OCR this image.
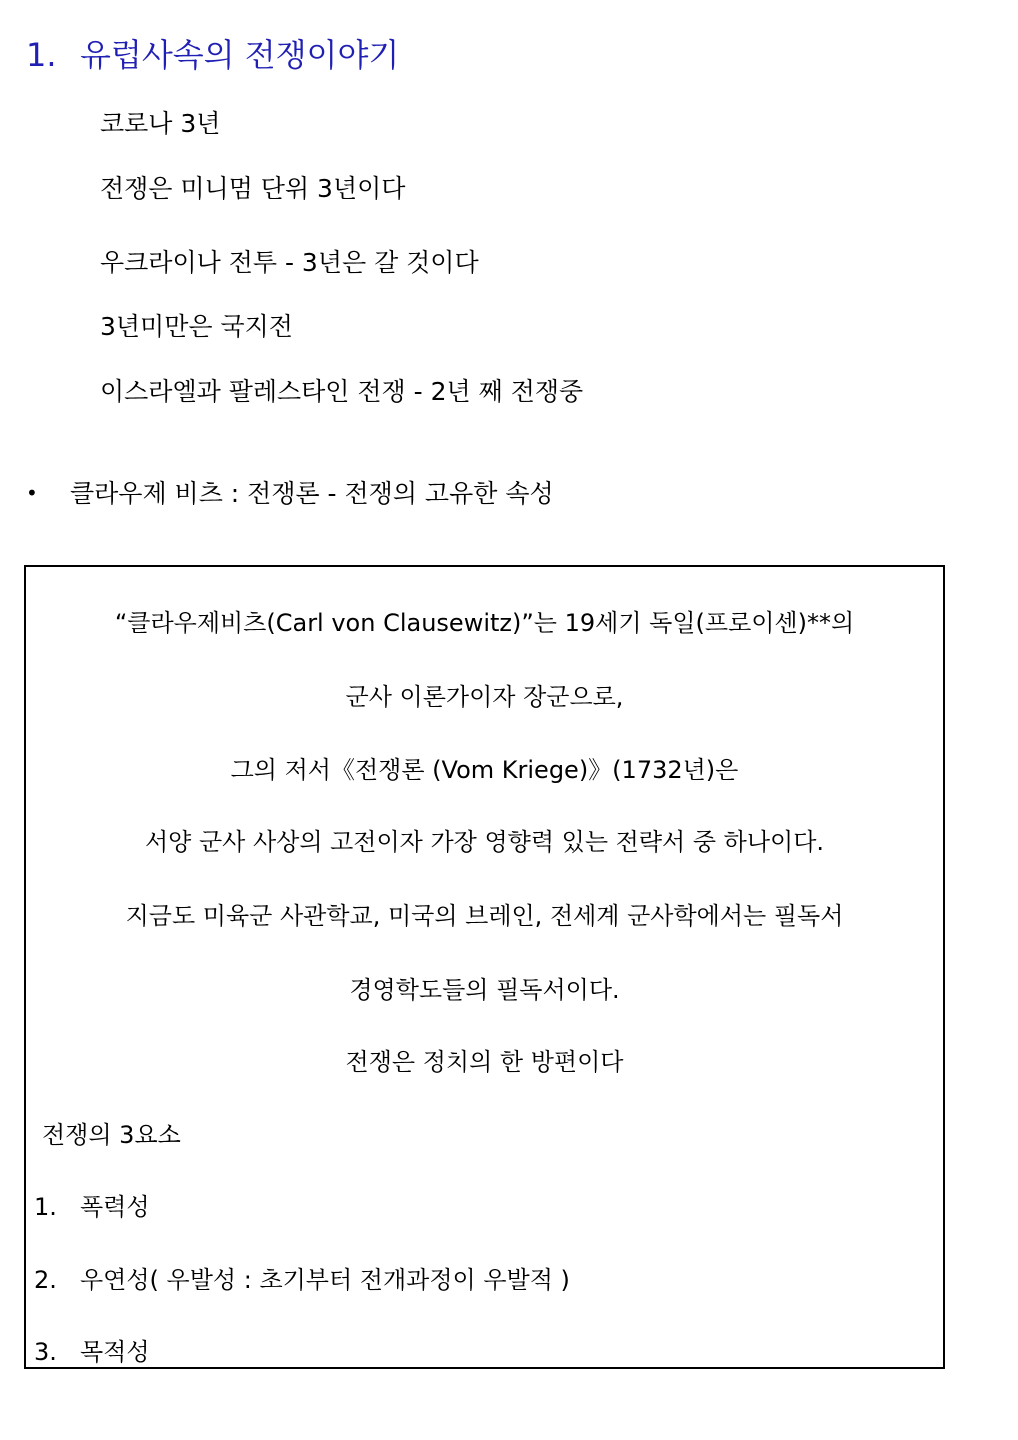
1. 유럽사속의 전쟁이야기
코로나 3년
전쟁은 미니멈 단위 3년이다
우크라이나 전투 - 3년은 갈 것이다
3년미만은 국지전
이스라엘과 팔레스타인 전쟁 - 2년 째 전쟁중
• 클라우제 비츠 : 전쟁론 - 전쟁의 고유한 속성
“클라우제비츠(Carl von Clausewitz)”는 19세기 독일(프로이센)**의
군사 이론가이자 장군으로,
그의 저서《전쟁론 (Vom Kriege)》(1732년)은
서양 군사 사상의 고전이자 가장 영향력 있는 전략서 중 하나이다.
지금도 미육군 사관학교, 미국의 브레인, 전세계 군사학에서는 필독서
경영학도들의 필독서이다.
전쟁은 정치의 한 방편이다
전쟁의 3요소
1. 폭력성
2. 우연성( 우발성 : 초기부터 전개과정이 우발적 )
3. 목적성
